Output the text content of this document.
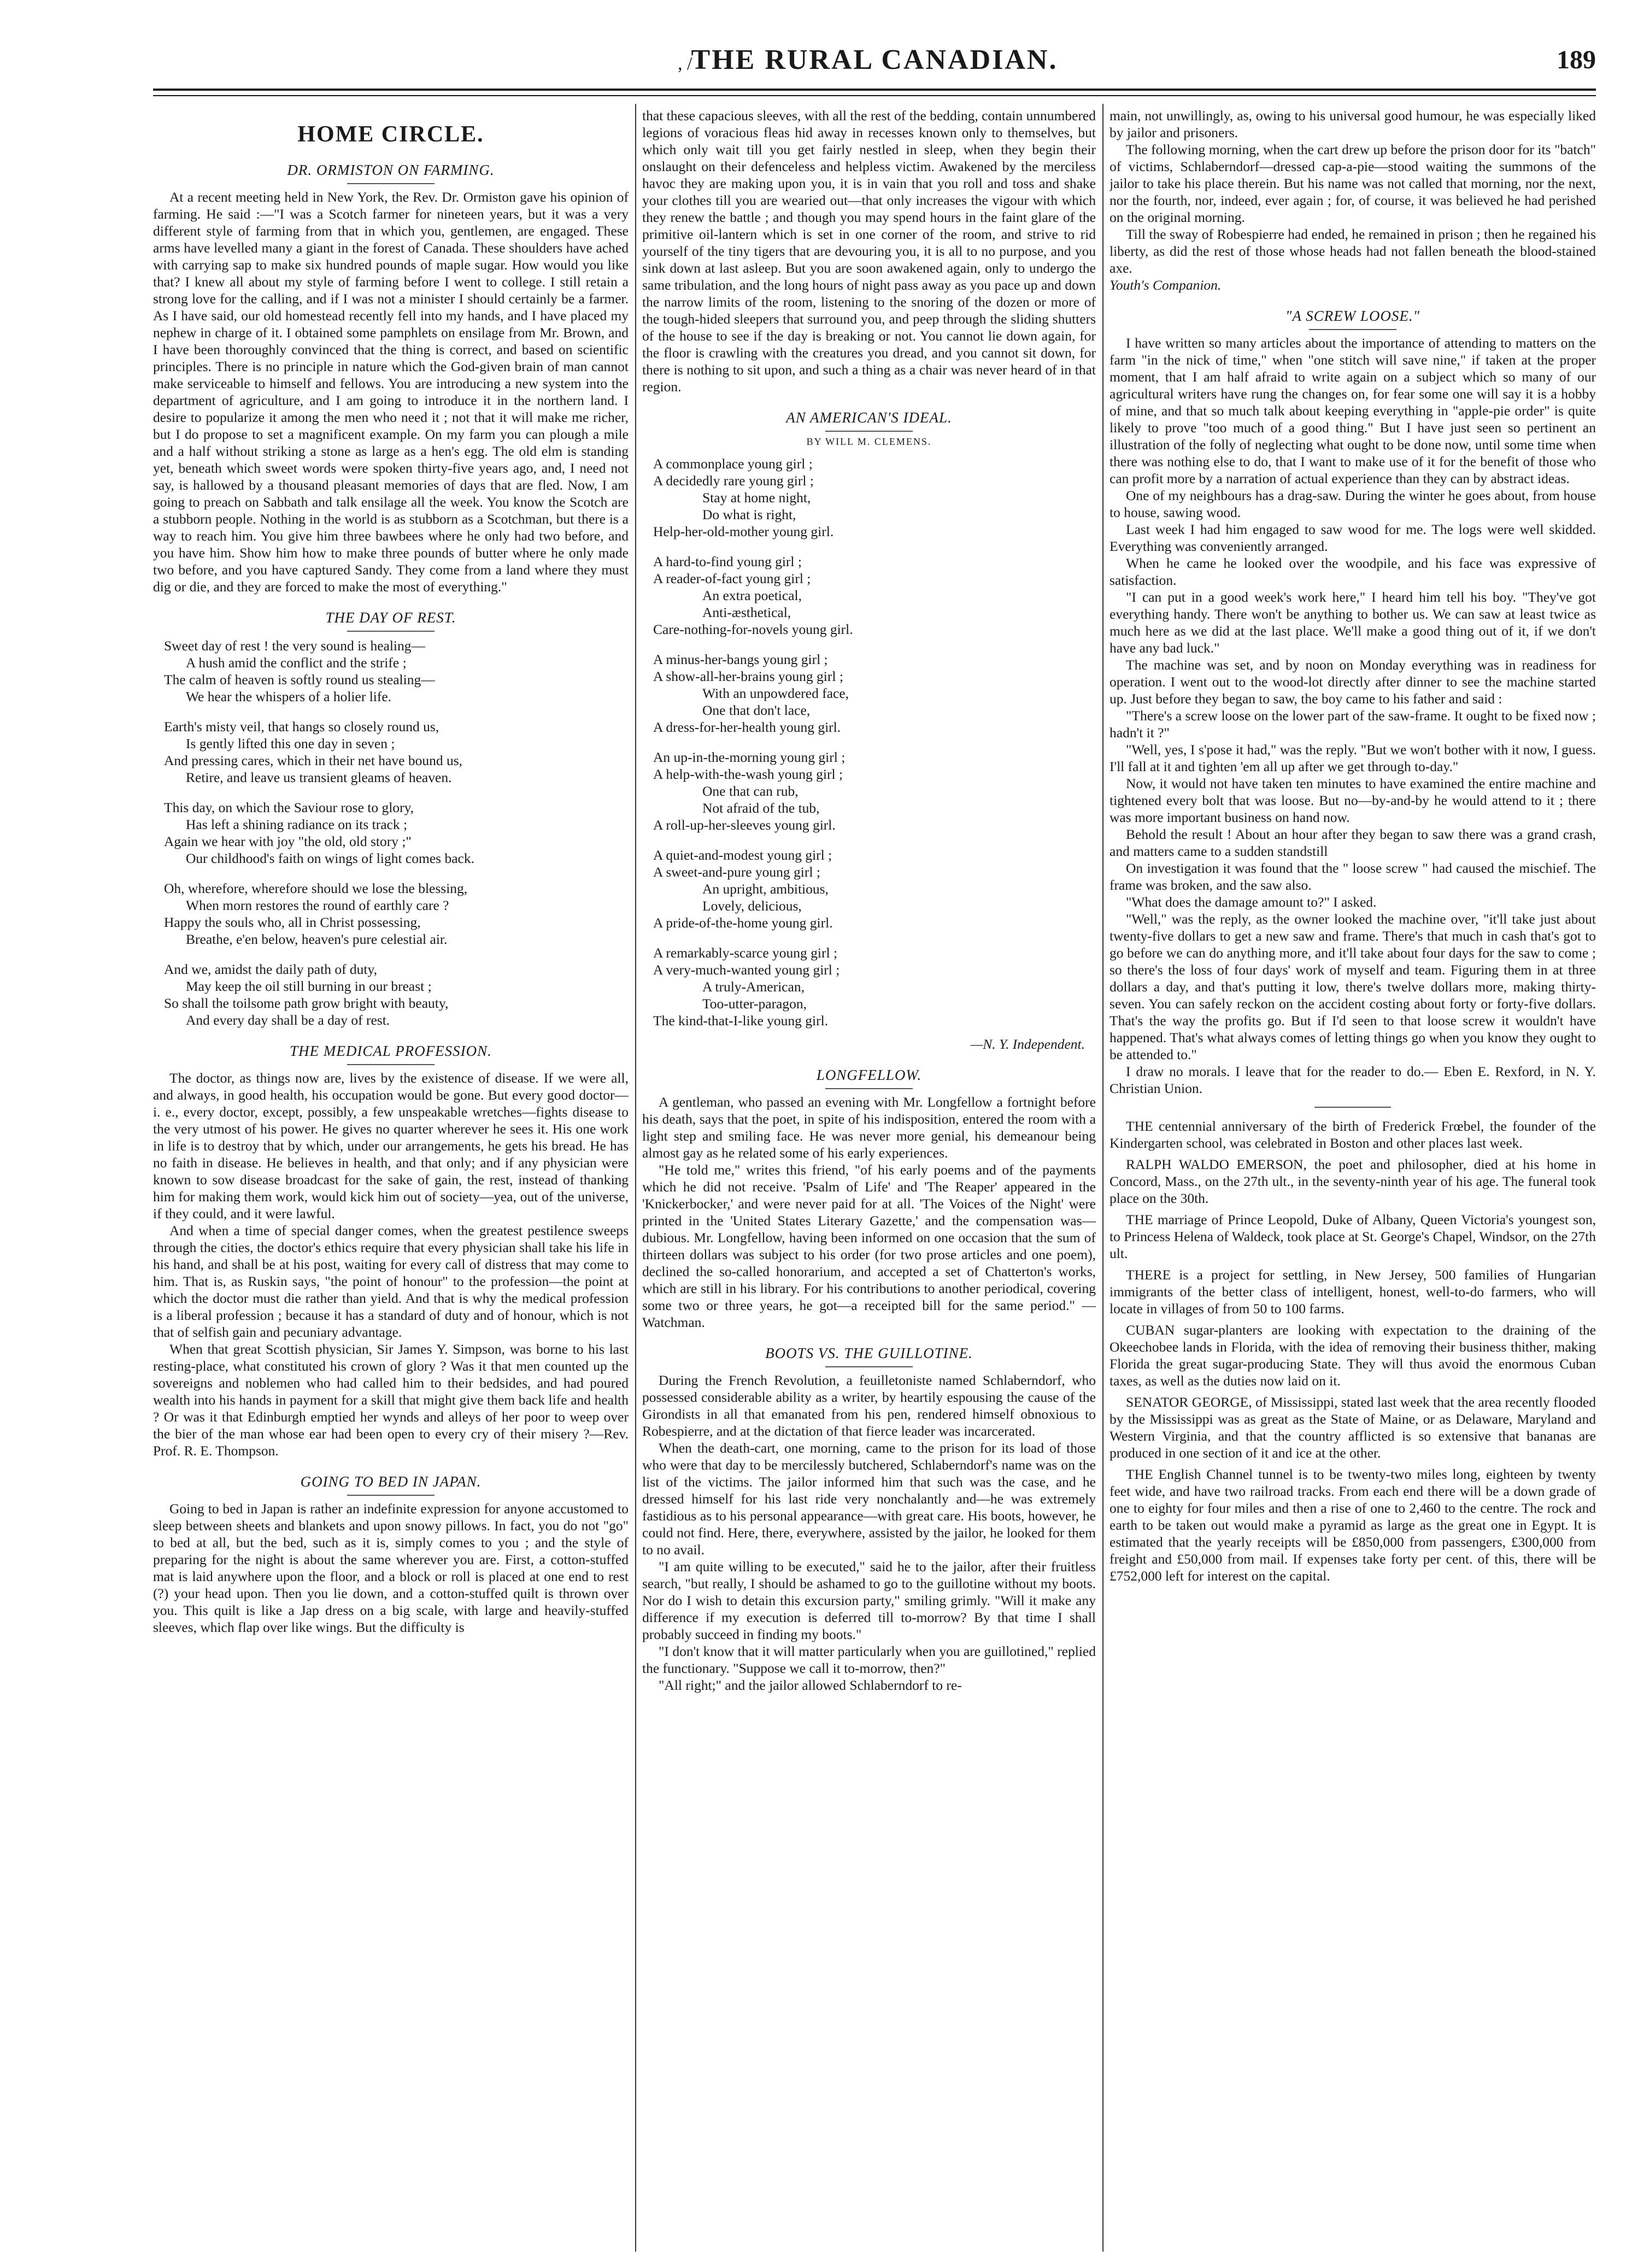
THE RURAL CANADIAN.	189
, /
HOME CIRCLE.
DR. ORMISTON ON FARMING.

At a recent meeting held in New York, the Rev. Dr. Ormiston gave his opinion of farming. He said :—"I was a Scotch farmer for nineteen years, but it was a very different style of farming from that in which you, gentlemen, are engaged. These arms have levelled many a giant in the forest of Canada. These shoulders have ached with carrying sap to make six hundred pounds of maple sugar. How would you like that? I knew all about my style of farming before I went to college. I still retain a strong love for the calling, and if I was not a minister I should certainly be a farmer. As I have said, our old homestead recently fell into my hands, and I have placed my nephew in charge of it. I obtained some pamphlets on ensilage from Mr. Brown, and I have been thoroughly convinced that the thing is correct, and based on scientific principles. There is no principle in nature which the God-given brain of man cannot make serviceable to himself and fellows. You are introducing a new system into the department of agriculture, and I am going to introduce it in the northern land. I desire to popularize it among the men who need it ; not that it will make me richer, but I do propose to set a magnificent example. On my farm you can plough a mile and a half without striking a stone as large as a hen's egg. The old elm is standing yet, beneath which sweet words were spoken thirty-five years ago, and, I need not say, is hallowed by a thousand pleasant memories of days that are fled. Now, I am going to preach on Sabbath and talk ensilage all the week. You know the Scotch are a stubborn people. Nothing in the world is as stubborn as a Scotchman, but there is a way to reach him. You give him three bawbees where he only had two before, and you have him. Show him how to make three pounds of butter where he only made two before, and you have captured Sandy. They come from a land where they must dig or die, and they are forced to make the most of everything."

THE DAY OF REST.
Sweet day of rest ! the very sound is healing—
A hush amid the conflict and the strife ;
The calm of heaven is softly round us stealing—
We hear the whispers of a holier life.
Earth's misty veil, that hangs so closely round us,
Is gently lifted this one day in seven ;
And pressing cares, which in their net have bound us,
Retire, and leave us transient gleams of heaven.
This day, on which the Saviour rose to glory,
Has left a shining radiance on its track ;
Again we hear with joy "the old, old story ;"
Our childhood's faith on wings of light comes back.
Oh, wherefore, wherefore should we lose the blessing,
When morn restores the round of earthly care ?
Happy the souls who, all in Christ possessing,
Breathe, e'en below, heaven's pure celestial air.
And we, amidst the daily path of duty,
May keep the oil still burning in our breast ;
So shall the toilsome path grow bright with beauty,
And every day shall be a day of rest.
THE MEDICAL PROFESSION.

The doctor, as things now are, lives by the existence of disease. If we were all, and always, in good health, his occupation would be gone. But every good doctor—i. e., every doctor, except, possibly, a few unspeakable wretches—fights disease to the very utmost of his power. He gives no quarter wherever he sees it. His one work in life is to destroy that by which, under our arrangements, he gets his bread. He has no faith in disease. He believes in health, and that only; and if any physician were known to sow disease broadcast for the sake of gain, the rest, instead of thanking him for making them work, would kick him out of society—yea, out of the universe, if they could, and it were lawful.

And when a time of special danger comes, when the greatest pestilence sweeps through the cities, the doctor's ethics require that every physician shall take his life in his hand, and shall be at his post, waiting for every call of distress that may come to him. That is, as Ruskin says, "the point of honour" to the profession—the point at which the doctor must die rather than yield. And that is why the medical profession is a liberal profession ; because it has a standard of duty and of honour, which is not that of selfish gain and pecuniary advantage.

When that great Scottish physician, Sir James Y. Simpson, was borne to his last resting-place, what constituted his crown of glory ? Was it that men counted up the sovereigns and noblemen who had called him to their bedsides, and had poured wealth into his hands in payment for a skill that might give them back life and health ? Or was it that Edinburgh emptied her wynds and alleys of her poor to weep over the bier of the man whose ear had been open to every cry of their misery ?—Rev. Prof. R. E. Thompson.

GOING TO BED IN JAPAN.

Going to bed in Japan is rather an indefinite expression for anyone accustomed to sleep between sheets and blankets and upon snowy pillows. In fact, you do not "go" to bed at all, but the bed, such as it is, simply comes to you ; and the style of preparing for the night is about the same wherever you are. First, a cotton-stuffed mat is laid anywhere upon the floor, and a block or roll is placed at one end to rest (?) your head upon. Then you lie down, and a cotton-stuffed quilt is thrown over you. This quilt is like a Jap dress on a big scale, with large and heavily-stuffed sleeves, which flap over like wings. But the difficulty is

that these capacious sleeves, with all the rest of the bedding, contain unnumbered legions of voracious fleas hid away in recesses known only to themselves, but which only wait till you get fairly nestled in sleep, when they begin their onslaught on their defenceless and helpless victim. Awakened by the merciless havoc they are making upon you, it is in vain that you roll and toss and shake your clothes till you are wearied out—that only increases the vigour with which they renew the battle ; and though you may spend hours in the faint glare of the primitive oil-lantern which is set in one corner of the room, and strive to rid yourself of the tiny tigers that are devouring you, it is all to no purpose, and you sink down at last asleep. But you are soon awakened again, only to undergo the same tribulation, and the long hours of night pass away as you pace up and down the narrow limits of the room, listening to the snoring of the dozen or more of the tough-hided sleepers that surround you, and peep through the sliding shutters of the house to see if the day is breaking or not. You cannot lie down again, for the floor is crawling with the creatures you dread, and you cannot sit down, for there is nothing to sit upon, and such a thing as a chair was never heard of in that region.

AN AMERICAN'S IDEAL.
BY WILL M. CLEMENS.
A commonplace young girl ;
A decidedly rare young girl ;
Stay at home night,
Do what is right,
Help-her-old-mother young girl.
A hard-to-find young girl ;
A reader-of-fact young girl ;
An extra poetical,
Anti-æsthetical,
Care-nothing-for-novels young girl.
A minus-her-bangs young girl ;
A show-all-her-brains young girl ;
With an unpowdered face,
One that don't lace,
A dress-for-her-health young girl.
An up-in-the-morning young girl ;
A help-with-the-wash young girl ;
One that can rub,
Not afraid of the tub,
A roll-up-her-sleeves young girl.
A quiet-and-modest young girl ;
A sweet-and-pure young girl ;
An upright, ambitious,
Lovely, delicious,
A pride-of-the-home young girl.
A remarkably-scarce young girl ;
A very-much-wanted young girl ;
A truly-American,
Too-utter-paragon,
The kind-that-I-like young girl.
—N. Y. Independent.
LONGFELLOW.

A gentleman, who passed an evening with Mr. Longfellow a fortnight before his death, says that the poet, in spite of his indisposition, entered the room with a light step and smiling face. He was never more genial, his demeanour being almost gay as he related some of his early experiences.

"He told me," writes this friend, "of his early poems and of the payments which he did not receive. 'Psalm of Life' and 'The Reaper' appeared in the 'Knickerbocker,' and were never paid for at all. 'The Voices of the Night' were printed in the 'United States Literary Gazette,' and the compensation was—dubious. Mr. Longfellow, having been informed on one occasion that the sum of thirteen dollars was subject to his order (for two prose articles and one poem), declined the so-called honorarium, and accepted a set of Chatterton's works, which are still in his library. For his contributions to another periodical, covering some two or three years, he got—a receipted bill for the same period." —Watchman.

BOOTS VS. THE GUILLOTINE.

During the French Revolution, a feuilletoniste named Schlaberndorf, who possessed considerable ability as a writer, by heartily espousing the cause of the Girondists in all that emanated from his pen, rendered himself obnoxious to Robespierre, and at the dictation of that fierce leader was incarcerated.

When the death-cart, one morning, came to the prison for its load of those who were that day to be mercilessly butchered, Schlaberndorf's name was on the list of the victims. The jailor informed him that such was the case, and he dressed himself for his last ride very nonchalantly and—he was extremely fastidious as to his personal appearance—with great care. His boots, however, he could not find. Here, there, everywhere, assisted by the jailor, he looked for them to no avail.

"I am quite willing to be executed," said he to the jailor, after their fruitless search, "but really, I should be ashamed to go to the guillotine without my boots. Nor do I wish to detain this excursion party," smiling grimly. "Will it make any difference if my execution is deferred till to-morrow? By that time I shall probably succeed in finding my boots."

"I don't know that it will matter particularly when you are guillotined," replied the functionary. "Suppose we call it to-morrow, then?"

"All right;" and the jailor allowed Schlaberndorf to re-

main, not unwillingly, as, owing to his universal good humour, he was especially liked by jailor and prisoners.

The following morning, when the cart drew up before the prison door for its "batch" of victims, Schlaberndorf—dressed cap-a-pie—stood waiting the summons of the jailor to take his place therein. But his name was not called that morning, nor the next, nor the fourth, nor, indeed, ever again ; for, of course, it was believed he had perished on the original morning.

Till the sway of Robespierre had ended, he remained in prison ; then he regained his liberty, as did the rest of those whose heads had not fallen beneath the blood-stained axe.

Youth's Companion.
"A SCREW LOOSE."

I have written so many articles about the importance of attending to matters on the farm "in the nick of time," when "one stitch will save nine," if taken at the proper moment, that I am half afraid to write again on a subject which so many of our agricultural writers have rung the changes on, for fear some one will say it is a hobby of mine, and that so much talk about keeping everything in "apple-pie order" is quite likely to prove "too much of a good thing." But I have just seen so pertinent an illustration of the folly of neglecting what ought to be done now, until some time when there was nothing else to do, that I want to make use of it for the benefit of those who can profit more by a narration of actual experience than they can by abstract ideas.

One of my neighbours has a drag-saw. During the winter he goes about, from house to house, sawing wood.

Last week I had him engaged to saw wood for me. The logs were well skidded. Everything was conveniently arranged.

When he came he looked over the woodpile, and his face was expressive of satisfaction.

"I can put in a good week's work here," I heard him tell his boy. "They've got everything handy. There won't be anything to bother us. We can saw at least twice as much here as we did at the last place. We'll make a good thing out of it, if we don't have any bad luck."

The machine was set, and by noon on Monday everything was in readiness for operation. I went out to the wood-lot directly after dinner to see the machine started up. Just before they began to saw, the boy came to his father and said :

"There's a screw loose on the lower part of the saw-frame. It ought to be fixed now ; hadn't it ?"

"Well, yes, I s'pose it had," was the reply. "But we won't bother with it now, I guess. I'll fall at it and tighten 'em all up after we get through to-day."

Now, it would not have taken ten minutes to have examined the entire machine and tightened every bolt that was loose. But no—by-and-by he would attend to it ; there was more important business on hand now.

Behold the result ! About an hour after they began to saw there was a grand crash, and matters came to a sudden standstill

On investigation it was found that the " loose screw " had caused the mischief. The frame was broken, and the saw also.

"What does the damage amount to?" I asked.

"Well," was the reply, as the owner looked the machine over, "it'll take just about twenty-five dollars to get a new saw and frame. There's that much in cash that's got to go before we can do anything more, and it'll take about four days for the saw to come ; so there's the loss of four days' work of myself and team. Figuring them in at three dollars a day, and that's putting it low, there's twelve dollars more, making thirty-seven. You can safely reckon on the accident costing about forty or forty-five dollars. That's the way the profits go. But if I'd seen to that loose screw it wouldn't have happened. That's what always comes of letting things go when you know they ought to be attended to."

I draw no morals. I leave that for the reader to do.— Eben E. Rexford, in N. Y. Christian Union.

THE centennial anniversary of the birth of Frederick Frœbel, the founder of the Kindergarten school, was celebrated in Boston and other places last week.

RALPH WALDO EMERSON, the poet and philosopher, died at his home in Concord, Mass., on the 27th ult., in the seventy-ninth year of his age. The funeral took place on the 30th.

THE marriage of Prince Leopold, Duke of Albany, Queen Victoria's youngest son, to Princess Helena of Waldeck, took place at St. George's Chapel, Windsor, on the 27th ult.

THERE is a project for settling, in New Jersey, 500 families of Hungarian immigrants of the better class of intelligent, honest, well-to-do farmers, who will locate in villages of from 50 to 100 farms.

CUBAN sugar-planters are looking with expectation to the draining of the Okeechobee lands in Florida, with the idea of removing their business thither, making Florida the great sugar-producing State. They will thus avoid the enormous Cuban taxes, as well as the duties now laid on it.

SENATOR GEORGE, of Mississippi, stated last week that the area recently flooded by the Mississippi was as great as the State of Maine, or as Delaware, Maryland and Western Virginia, and that the country afflicted is so extensive that bananas are produced in one section of it and ice at the other.

THE English Channel tunnel is to be twenty-two miles long, eighteen by twenty feet wide, and have two railroad tracks. From each end there will be a down grade of one to eighty for four miles and then a rise of one to 2,460 to the centre. The rock and earth to be taken out would make a pyramid as large as the great one in Egypt. It is estimated that the yearly receipts will be £850,000 from passengers, £300,000 from freight and £50,000 from mail. If expenses take forty per cent. of this, there will be £752,000 left for interest on the capital.
